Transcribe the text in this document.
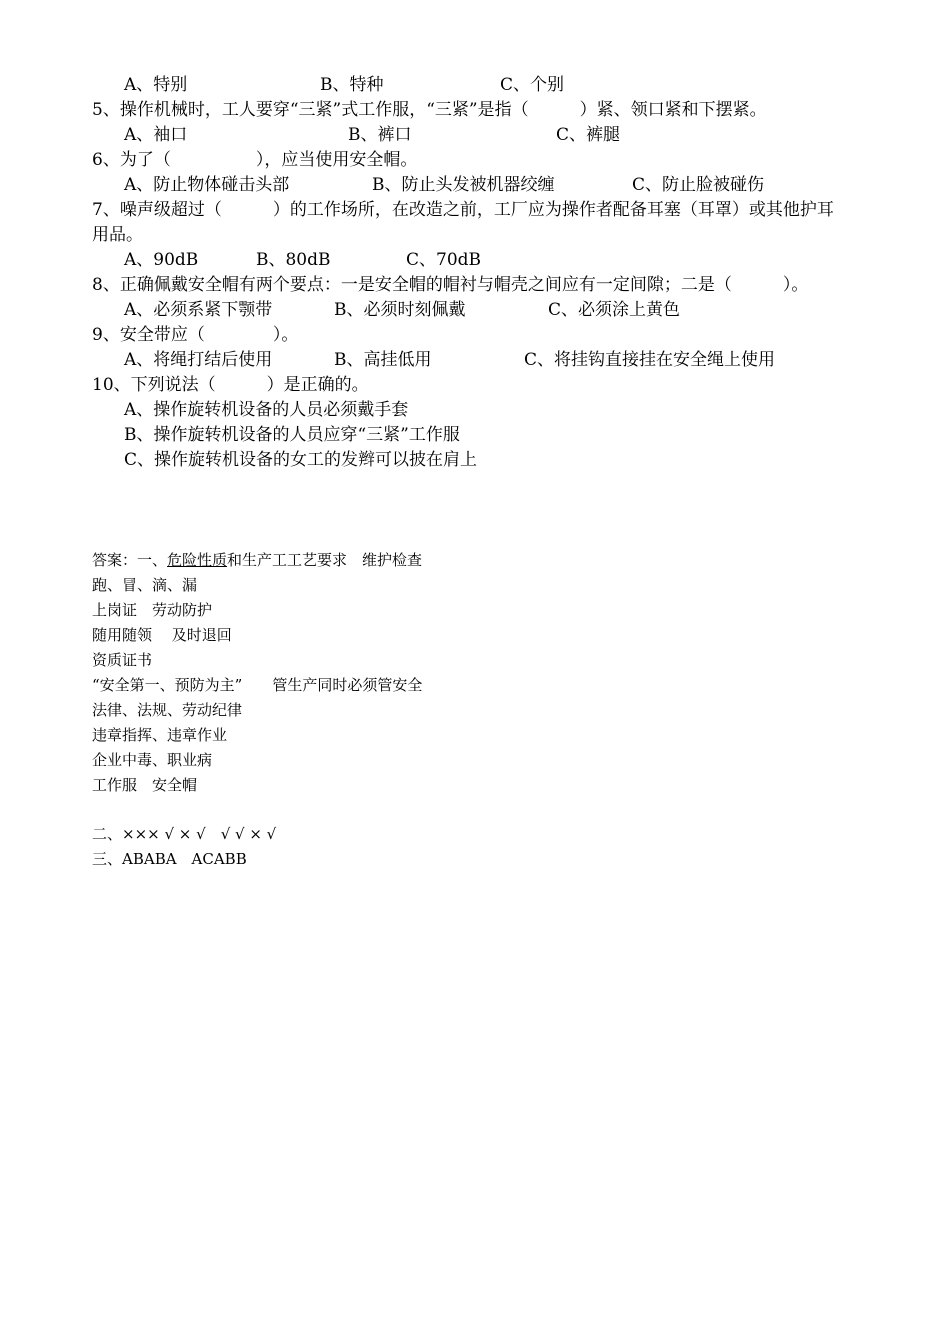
A、特别	B、特种	C、个别
5、操作机械时，工人要穿“三紧”式工作服，“三紧”是指（　　　）紧、领口紧和下摆紧。
A、袖口	B、裤口	C、裤腿
6、为了（　　　　　），应当使用安全帽。
A、防止物体碰击头部	B、防止头发被机器绞缠	C、防止脸被碰伤
7、噪声级超过（　　　）的工作场所，在改造之前，工厂应为操作者配备耳塞（耳罩）或其他护耳
用品。
A、90dB	B、80dB	C、70dB
8、正确佩戴安全帽有两个要点：一是安全帽的帽衬与帽壳之间应有一定间隙；二是（　　　）。
A、必须系紧下颚带	B、必须时刻佩戴	C、必须涂上黄色
9、安全带应（　　　　）。
A、将绳打结后使用	B、高挂低用	C、将挂钩直接挂在安全绳上使用
10、下列说法（　　　）是正确的。
A、操作旋转机设备的人员必须戴手套
B、操作旋转机设备的人员应穿“三紧”工作服
C、操作旋转机设备的女工的发辫可以披在肩上
答案：一、危险性质和生产工工艺要求　维护检查
跑、冒、滴、漏
上岗证　劳动防护
随用随领　 及时退回
资质证书
“安全第一、预防为主”　　管生产同时必须管安全
法律、法规、劳动纪律
违章指挥、违章作业
企业中毒、职业病
工作服　安全帽
二、××× √ × √　√ √ × √
三、ABABA　ACABB
